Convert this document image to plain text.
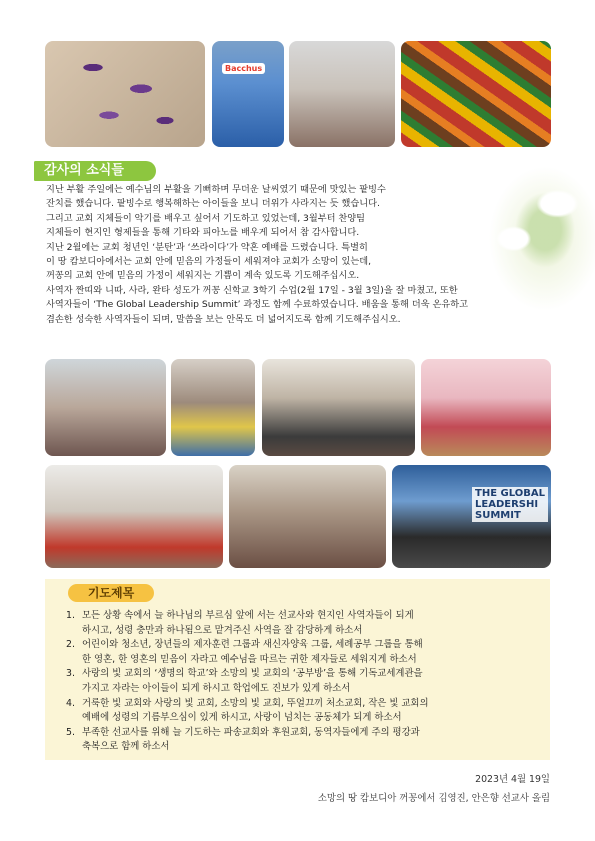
Bacchus
감사의 소식들

지난 부활 주일에는 예수님의 부활을 기뻐하며 무더운 날씨였기 때문에 맛있는 팥빙수

잔치를 했습니다. 팥빙수로 행복해하는 아이들을 보니 더위가 사라지는 듯 했습니다.

그리고 교회 지체들이 악기를 배우고 싶어서 기도하고 있었는데, 3월부터 찬양팀

지체들이 현지인 형제들을 통해 기타와 피아노를 배우게 되어서 참 감사합니다.

지난 2월에는 교회 청년인 ‘분탄’과 ‘쓰라이다’가 약혼 예배를 드렸습니다. 특별히

이 땅 캄보디아에서는 교회 안에 믿음의 가정들이 세워져야 교회가 소망이 있는데,

꺼꽁의 교회 안에 믿음의 가정이 세워지는 기쁨이 계속 있도록 기도해주십시오.

사역자 짠띠와 니따, 사라, 완타 성도가 꺼꽁 신학교 3학기 수업(2월 17일 - 3월 3일)을 잘 마쳤고, 또한

사역자들이 ‘The Global Leadership Summit’ 과정도 함께 수료하였습니다. 배움을 통해 더욱 온유하고

겸손한 성숙한 사역자들이 되며, 말씀을 보는 안목도 더 넓어지도록 함께 기도해주십시오.

THE GLOBAL
LEADERSHI
SUMMIT
기도제목
1. 모든 상황 속에서 늘 하나님의 부르심 앞에 서는 선교사와 현지인 사역자들이 되게
하시고, 성령 충만과 하나됨으로 맡겨주신 사역을 잘 감당하게 하소서
2. 어린이와 청소년, 장년들의 제자훈련 그룹과 새신자양육 그룹, 세례공부 그룹을 통해
한 영혼, 한 영혼의 믿음이 자라고 예수님을 따르는 귀한 제자들로 세워지게 하소서
3. 사랑의 빛 교회의 ‘생명의 학교’와 소망의 빛 교회의 ‘공부방’을 통해 기독교세계관을
가지고 자라는 아이들이 되게 하시고 학업에도 진보가 있게 하소서
4. 거룩한 빛 교회와 사랑의 빛 교회, 소망의 빛 교회, 뚜얼끄끼 처소교회, 작은 빛 교회의
예배에 성령의 기름부으심이 있게 하시고, 사랑이 넘치는 공동체가 되게 하소서
5. 부족한 선교사를 위해 늘 기도하는 파송교회와 후원교회, 동역자들에게 주의 평강과
축복으로 함께 하소서
2023년 4월 19일
소망의 땅 캄보디아 꺼꽁에서 김영진, 안은향 선교사 올림
